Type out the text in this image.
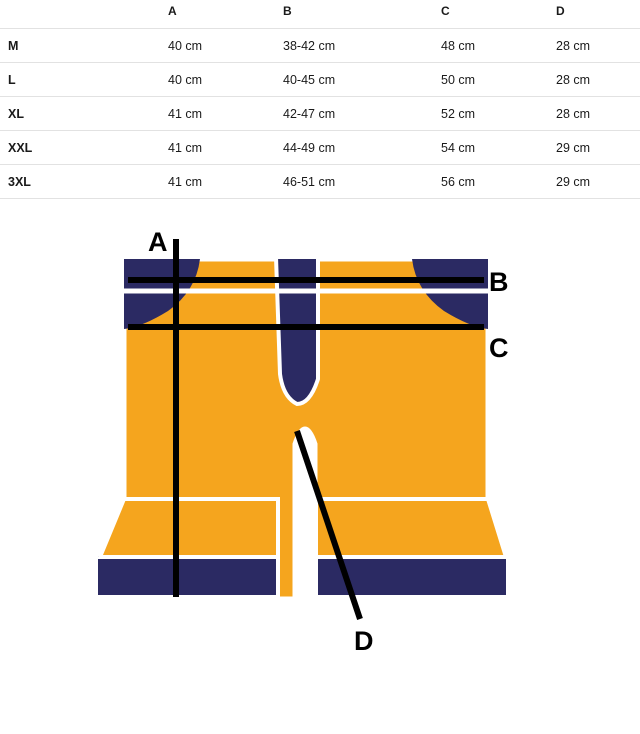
	A	B	C	D
M	40 cm	38-42 cm	48 cm	28 cm
L	40 cm	40-45 cm	50 cm	28 cm
XL	41 cm	42-47 cm	52 cm	28 cm
XXL	41 cm	44-49 cm	54 cm	29 cm
3XL	41 cm	46-51 cm	56 cm	29 cm
A
B
C
D
